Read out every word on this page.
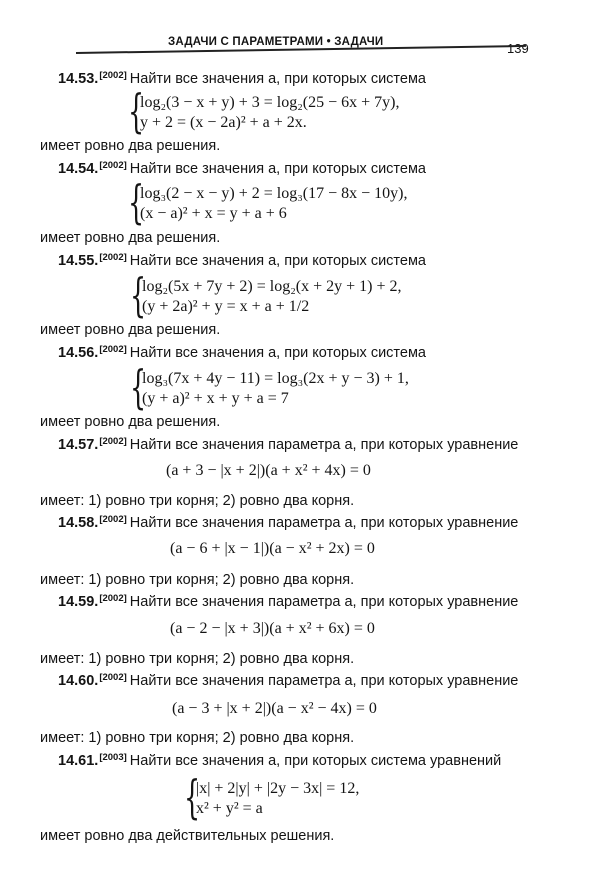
ЗАДАЧИ С ПАРАМЕТРАМИ • ЗАДАЧИ	139
14.53.[2002] Найти все значения a, при которых система
{
log₂(3 − x + y) + 3 = log₂(25 − 6x + 7y),
y + 2 = (x − 2a)² + a + 2x.
имеет ровно два решения.
14.54.[2002] Найти все значения a, при которых система
{
log₃(2 − x − y) + 2 = log₃(17 − 8x − 10y),
(x − a)² + x = y + a + 6
имеет ровно два решения.
14.55.[2002] Найти все значения a, при которых система
{
log₂(5x + 7y + 2) = log₂(x + 2y + 1) + 2,
(y + 2a)² + y = x + a + 1/2
имеет ровно два решения.
14.56.[2002] Найти все значения a, при которых система
{
log₃(7x + 4y − 11) = log₃(2x + y − 3) + 1,
(y + a)² + x + y + a = 7
имеет ровно два решения.
14.57.[2002] Найти все значения параметра a, при которых уравнение
(a + 3 − |x + 2|)(a + x² + 4x) = 0
имеет: 1) ровно три корня; 2) ровно два корня.
14.58.[2002] Найти все значения параметра a, при которых уравнение
(a − 6 + |x − 1|)(a − x² + 2x) = 0
имеет: 1) ровно три корня; 2) ровно два корня.
14.59.[2002] Найти все значения параметра a, при которых уравнение
(a − 2 − |x + 3|)(a + x² + 6x) = 0
имеет: 1) ровно три корня; 2) ровно два корня.
14.60.[2002] Найти все значения параметра a, при которых уравнение
(a − 3 + |x + 2|)(a − x² − 4x) = 0
имеет: 1) ровно три корня; 2) ровно два корня.
14.61.[2003] Найти все значения a, при которых система уравнений
{
|x| + 2|y| + |2y − 3x| = 12,
x² + y² = a
имеет ровно два действительных решения.
